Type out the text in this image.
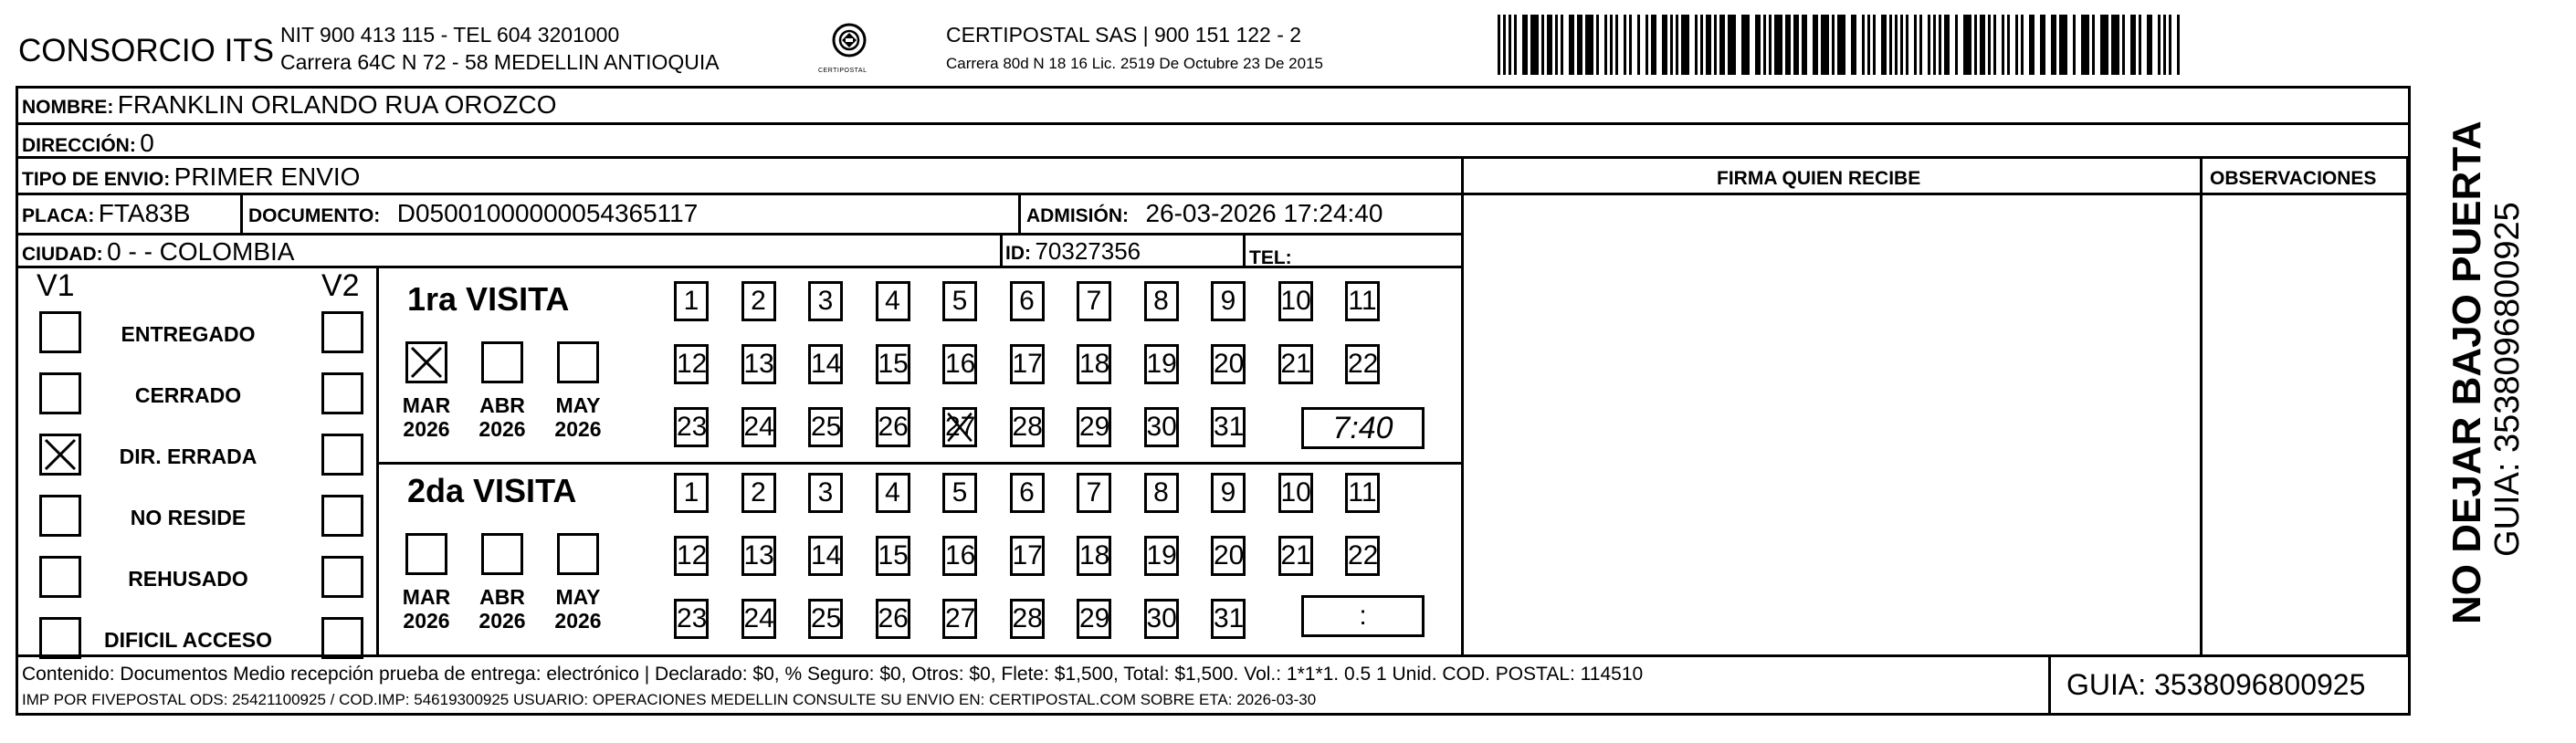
CONSORCIO ITS NIT 900 413 115 - TEL 604 3201000
Carrera 64C N 72 - 58 MEDELLIN ANTIOQUIA	CERTIPOSTAL
CERTIPOSTAL SAS | 900 151 122 - 2
Carrera 80d N 18 16 Lic. 2519 De Octubre 23 De 2015
NOMBRE: FRANKLIN ORLANDO RUA OROZCO
DIRECCIÓN: 0
TIPO DE ENVIO: PRIMER ENVIO	FIRMA QUIEN RECIBE	OBSERVACIONES
PLACA: FTA83B	DOCUMENTO: D05001000000054365117	ADMISIÓN: 26-03-2026 17:24:40
CIUDAD: 0 - - COLOMBIA	ID: 70327356	TEL:
V1	V2
ENTREGADO
CERRADO
DIR. ERRADA
NO RESIDE
REHUSADO
DIFICIL ACCESO
1ra VISITA
2da VISITA
MAR
2026
ABR
2026
MAY
2026
MAR
2026
ABR
2026
MAY
2026
1	2	3	4	5	6	7	8	9	10 11
12 13 14 15 16 17 18 19 20 21 22
23 24 25 26 27 28 29 30 31
1	2	3	4	5	6	7	8	9	10 11
12 13 14 15 16 17 18 19 20 21 22
23 24 25 26 27 28 29 30 31
7:40
:	NO DEJAR BAJO PUERTA GUIA: 3538096800925
Contenido: Documentos Medio recepción prueba de entrega: electrónico | Declarado: $0, % Seguro: $0, Otros: $0, Flete: $1,500, Total: $1,500. Vol.: 1*1*1. 0.5 1 Unid. COD. POSTAL: 114510
IMP POR FIVEPOSTAL ODS: 25421100925 / COD.IMP: 54619300925 USUARIO: OPERACIONES MEDELLIN CONSULTE SU ENVIO EN: CERTIPOSTAL.COM SOBRE ETA: 2026-03-30	GUIA: 3538096800925
